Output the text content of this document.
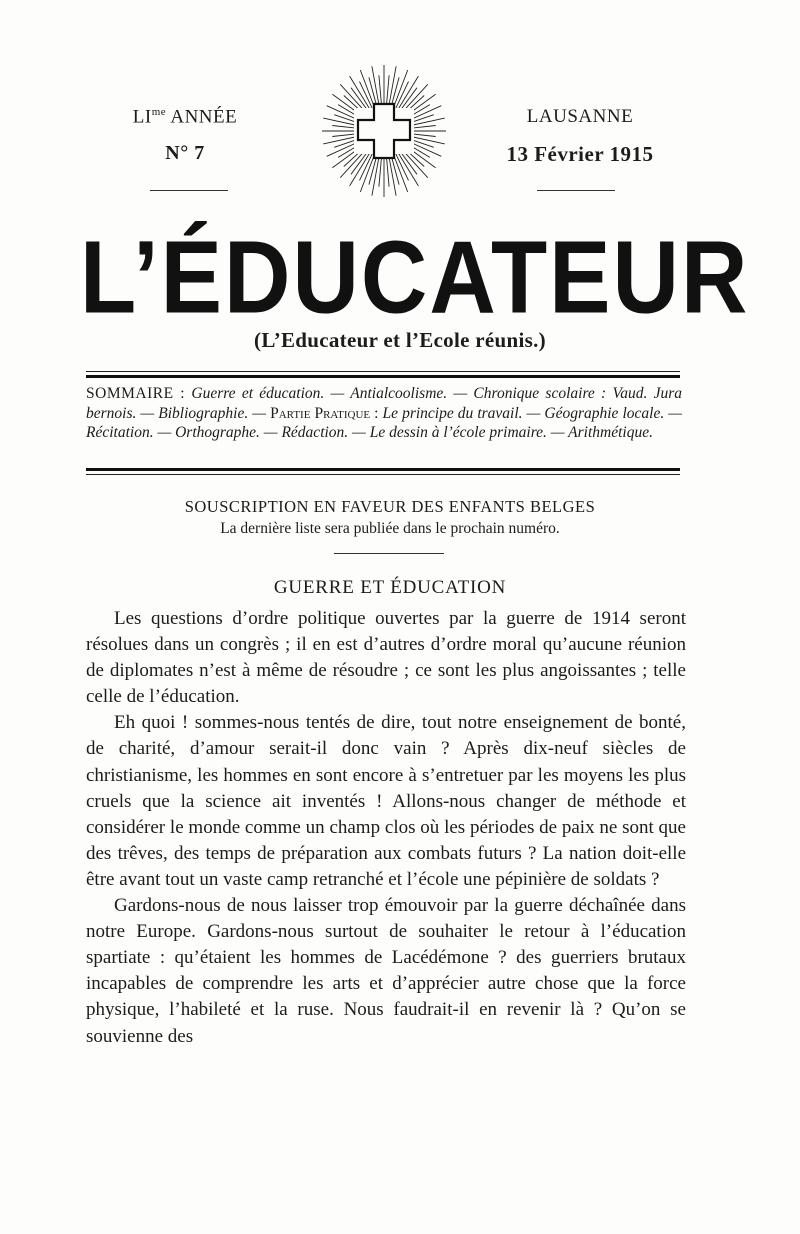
$LI^{me}$ ANNÉE
N° 7
LAUSANNE
13 Février 1915
L’ÉDUCATEUR
(L’Educateur et l’Ecole réunis.)
SOMMAIRE : Guerre et éducation. — Antialcoolisme. — Chronique scolaire : Vaud. Jura bernois. — Bibliographie. — Partie Pratique : Le principe du travail. — Géographie locale. — Récitation. — Orthographe. — Rédaction. — Le dessin à l’école primaire. — Arithmétique.
SOUSCRIPTION EN FAVEUR DES ENFANTS BELGES
La dernière liste sera publiée dans le prochain numéro.
GUERRE ET ÉDUCATION

Les questions d’ordre politique ouvertes par la guerre de 1914 seront résolues dans un congrès ; il en est d’autres d’ordre moral qu’aucune réunion de diplomates n’est à même de résoudre ; ce sont les plus angoissantes ; telle celle de l’éducation.

Eh quoi ! sommes-nous tentés de dire, tout notre enseignement de bonté, de charité, d’amour serait-il donc vain ? Après dix-neuf siècles de christianisme, les hommes en sont encore à s’entretuer par les moyens les plus cruels que la science ait inventés ! Allons-nous changer de méthode et considérer le monde comme un champ clos où les périodes de paix ne sont que des trêves, des temps de préparation aux combats futurs ? La nation doit-elle être avant tout un vaste camp retranché et l’école une pépinière de soldats ?

Gardons-nous de nous laisser trop émouvoir par la guerre déchaînée dans notre Europe. Gardons-nous surtout de souhaiter le retour à l’éducation spartiate : qu’étaient les hommes de Lacédémone ? des guerriers brutaux incapables de comprendre les arts et d’apprécier autre chose que la force physique, l’habileté et la ruse. Nous faudrait-il en revenir là ? Qu’on se souvienne des
